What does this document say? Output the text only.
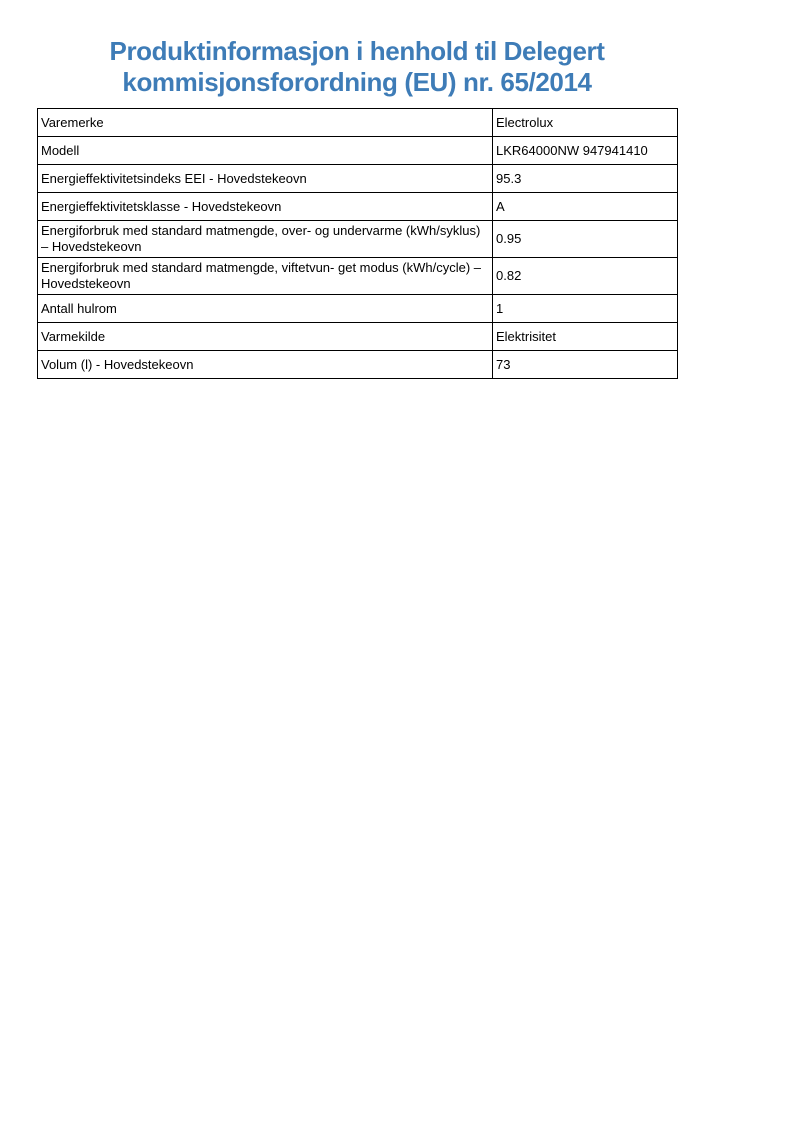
Produktinformasjon i henhold til Delegert
kommisjonsforordning (EU) nr. 65/2014
Varemerke	Electrolux
Modell	LKR64000NW 947941410
Energieffektivitetsindeks EEI - Hovedstekeovn	95.3
Energieffektivitetsklasse - Hovedstekeovn	A
Energiforbruk med standard matmengde, over- og undervarme (kWh/syklus) – Hovedstekeovn	0.95
Energiforbruk med standard matmengde, viftetvun- get modus (kWh/cycle) – Hovedstekeovn	0.82
Antall hulrom	1
Varmekilde	Elektrisitet
Volum (l) - Hovedstekeovn	73
